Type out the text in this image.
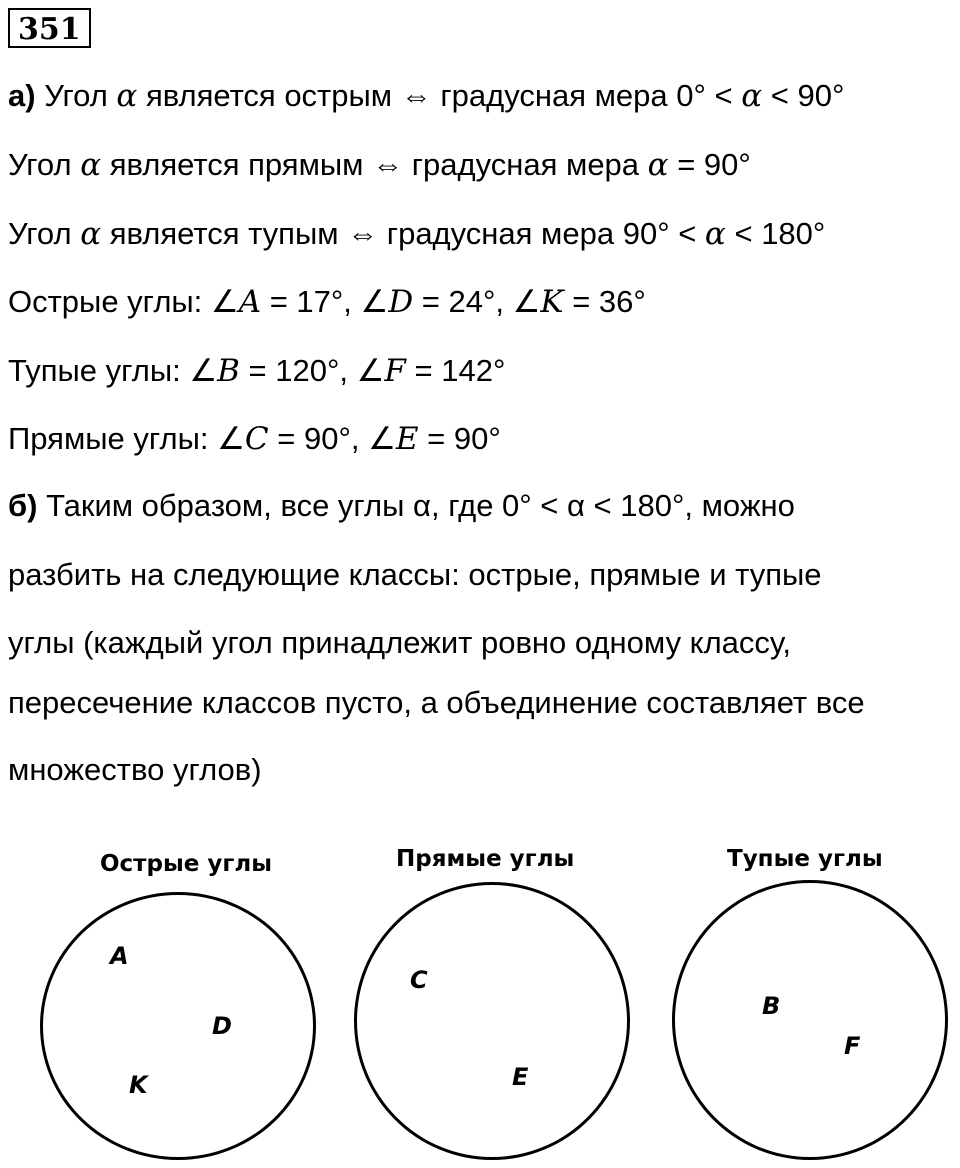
351
а) Угол α является острым ⇔ градусная мера 0° < α < 90°
Угол α является прямым ⇔ градусная мера α = 90°
Угол α является тупым ⇔ градусная мера 90° < α < 180°
Острые углы: ∠A = 17°, ∠D = 24°, ∠K = 36°
Тупые углы: ∠B = 120°, ∠F = 142°
Прямые углы: ∠C = 90°, ∠E = 90°
б) Таким образом, все углы α, где 0° < α < 180°, можно
разбить на следующие классы: острые, прямые и тупые
углы (каждый угол принадлежит ровно одному классу,
пересечение классов пусто, а объединение составляет все
множество углов)
Острые углы
A
D
K
Прямые углы
C
E
Тупые углы
B
F
